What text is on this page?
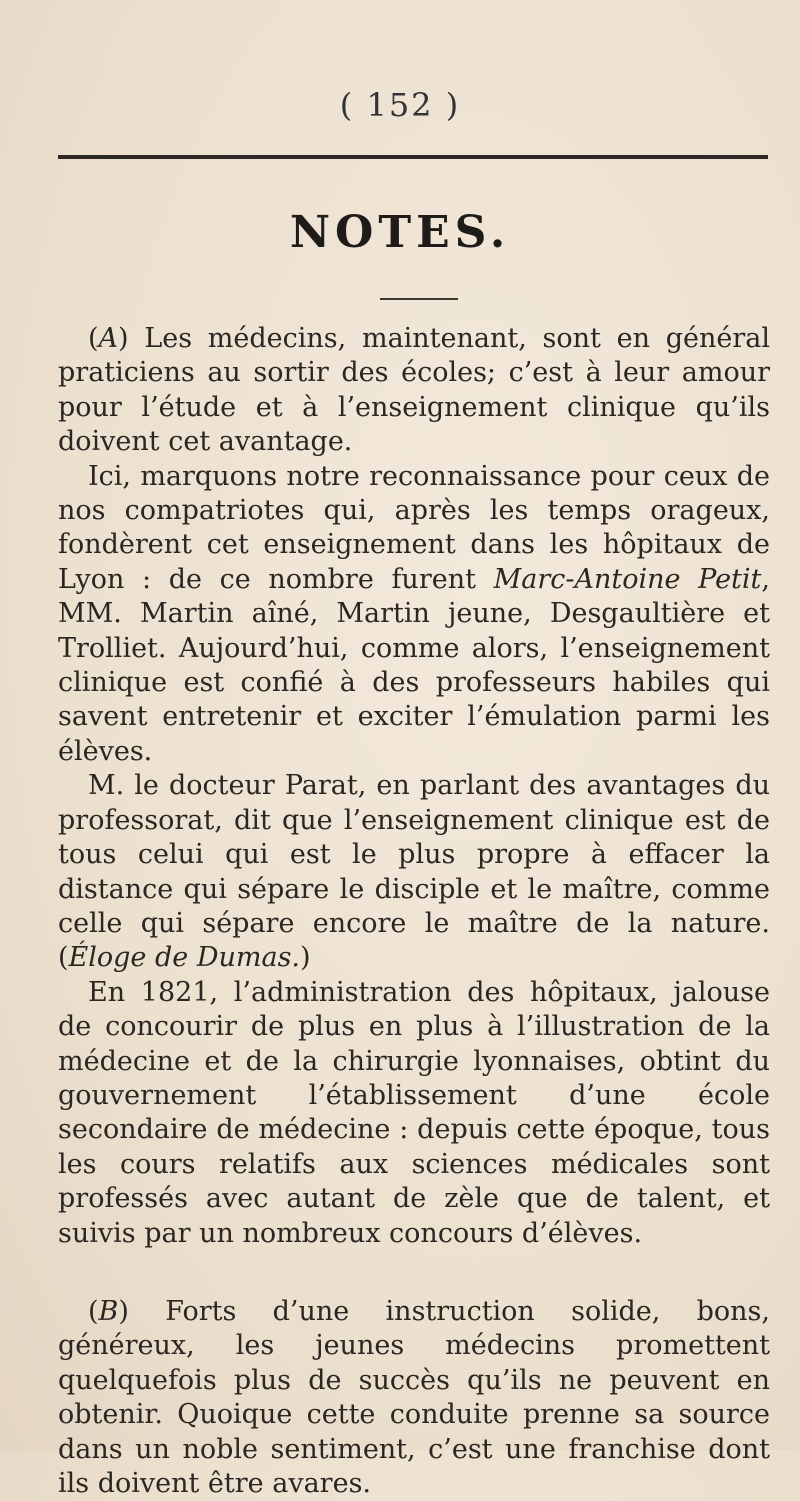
( 152 )
NOTES.

(A) Les médecins, maintenant, sont en général praticiens au sortir des écoles; c’est à leur amour pour l’étude et à l’enseignement clinique qu’ils doivent cet avantage.

Ici, marquons notre reconnaissance pour ceux de nos compatriotes qui, après les temps orageux, fondèrent cet enseignement dans les hôpitaux de Lyon : de ce nombre furent Marc-Antoine Petit, MM. Martin aîné, Martin jeune, Desgaultière et Trolliet. Aujourd’hui, comme alors, l’enseignement clinique est confié à des professeurs habiles qui savent entretenir et exciter l’émulation parmi les élèves.

M. le docteur Parat, en parlant des avantages du professorat, dit que l’enseignement clinique est de tous celui qui est le plus propre à effacer la distance qui sépare le disciple et le maître, comme celle qui sépare encore le maître de la nature. (Éloge de Dumas.)

En 1821, l’administration des hôpitaux, jalouse de concourir de plus en plus à l’illustration de la médecine et de la chirurgie lyonnaises, obtint du gouvernement l’établissement d’une école secondaire de médecine : depuis cette époque, tous les cours relatifs aux sciences médicales sont professés avec autant de zèle que de talent, et suivis par un nombreux concours d’élèves.

(B) Forts d’une instruction solide, bons, généreux, les jeunes médecins promettent quelquefois plus de succès qu’ils ne peuvent en obtenir. Quoique cette conduite prenne sa source dans un noble sentiment, c’est une franchise dont ils doivent être avares.
